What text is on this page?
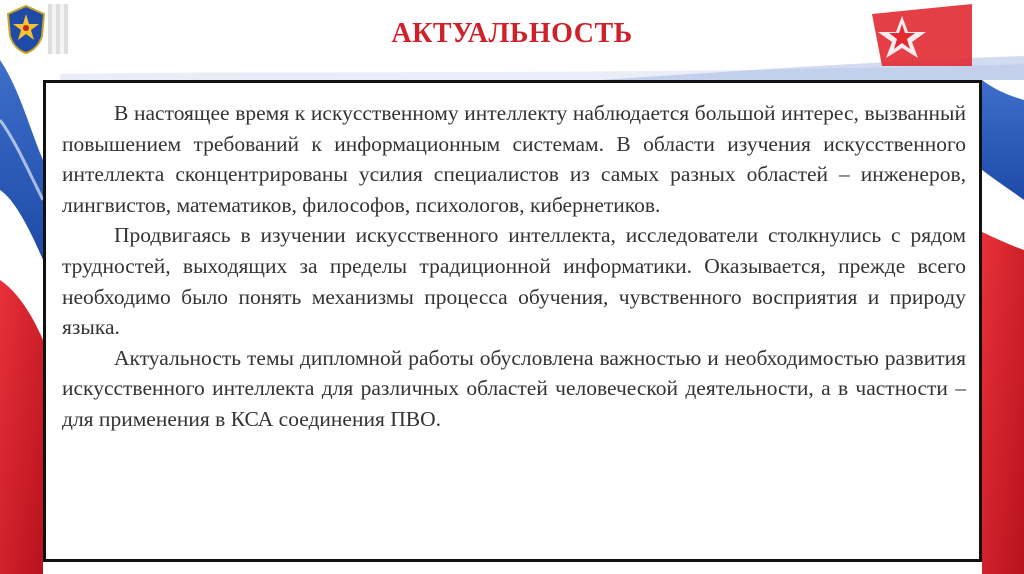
АКТУАЛЬНОСТЬ	2

В настоящее время к искусственному интеллекту наблюдается большой интерес, вызванный повышением требований к информационным системам. В области изучения искусственного интеллекта сконцентрированы усилия специалистов из самых разных областей – инженеров, лингвистов, математиков, философов, психологов, кибернетиков.

Продвигаясь в изучении искусственного интеллекта, исследователи столкнулись с рядом трудностей, выходящих за пределы традиционной информатики. Оказывается, прежде всего необходимо было понять механизмы процесса обучения, чувственного восприятия и природу языка.

Актуальность темы дипломной работы обусловлена важностью и необходимостью развития искусственного интеллекта для различных областей человеческой деятельности, а в частности – для применения в КСА соединения ПВО.
